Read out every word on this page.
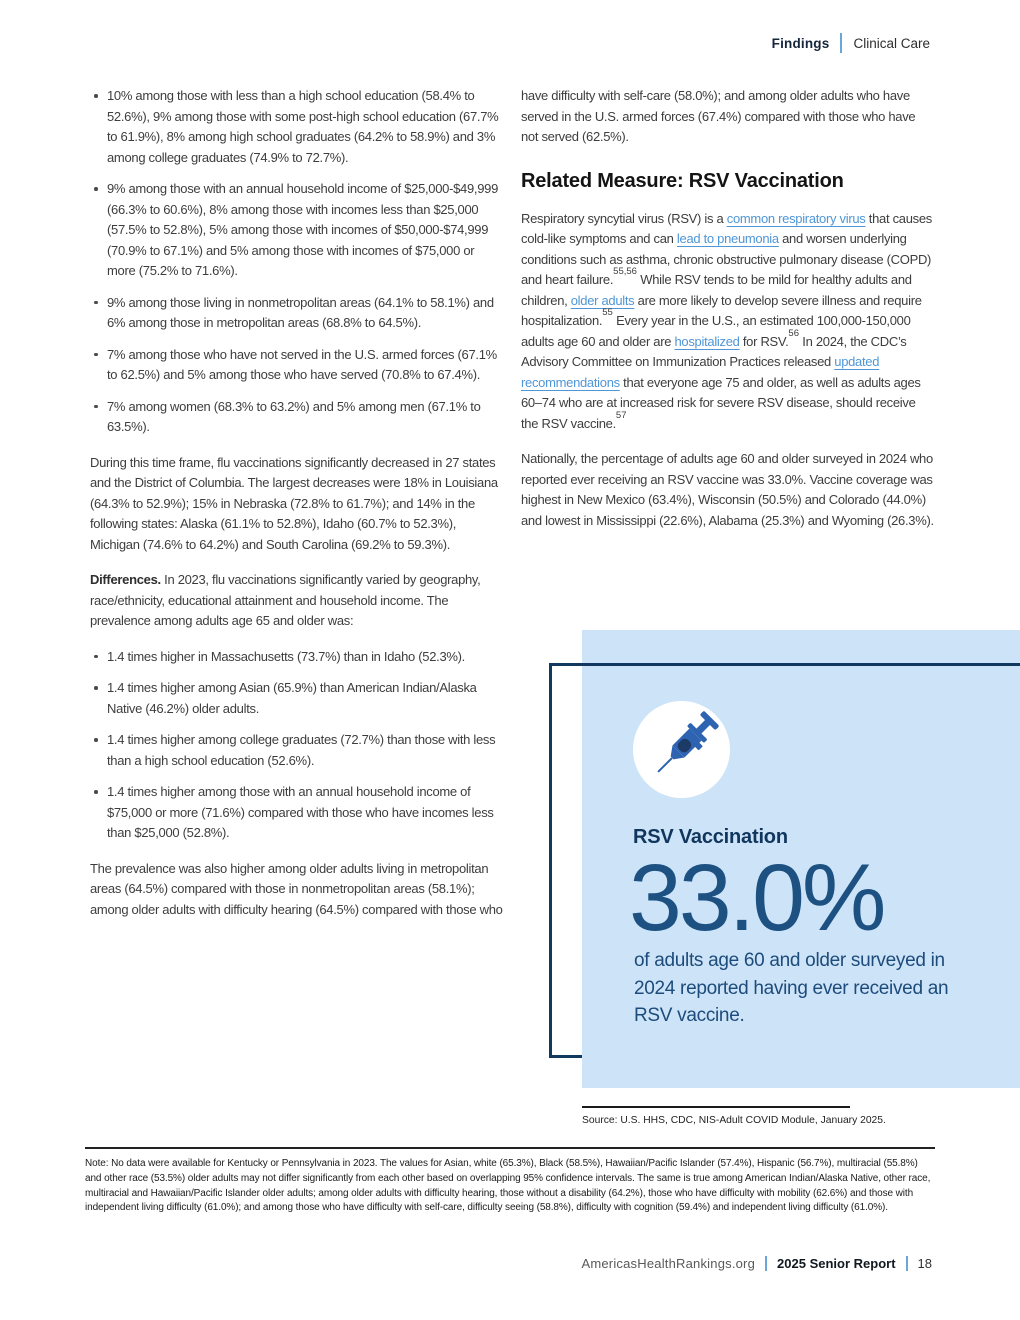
Findings Clinical Care
10% among those with less than a high school education (58.4% to 52.6%), 9% among those with some post-high school education (67.7% to 61.9%), 8% among high school graduates (64.2% to 58.9%) and 3% among college graduates (74.9% to 72.7%).
9% among those with an annual household income of $25,000-$49,999 (66.3% to 60.6%), 8% among those with incomes less than $25,000 (57.5% to 52.8%), 5% among those with incomes of $50,000-$74,999 (70.9% to 67.1%) and 5% among those with incomes of $75,000 or more (75.2% to 71.6%).
9% among those living in nonmetropolitan areas (64.1% to 58.1%) and 6% among those in metropolitan areas (68.8% to 64.5%).
7% among those who have not served in the U.S. armed forces (67.1% to 62.5%) and 5% among those who have served (70.8% to 67.4%).
7% among women (68.3% to 63.2%) and 5% among men (67.1% to 63.5%).

During this time frame, flu vaccinations significantly decreased in 27 states and the District of Columbia. The largest decreases were 18% in Louisiana (64.3% to 52.9%); 15% in Nebraska (72.8% to 61.7%); and 14% in the following states: Alaska (61.1% to 52.8%), Idaho (60.7% to 52.3%), Michigan (74.6% to 64.2%) and South Carolina (69.2% to 59.3%).

Differences. In 2023, flu vaccinations significantly varied by geography, race/ethnicity, educational attainment and household income. The prevalence among adults age 65 and older was:

1.4 times higher in Massachusetts (73.7%) than in Idaho (52.3%).
1.4 times higher among Asian (65.9%) than American Indian/Alaska Native (46.2%) older adults.
1.4 times higher among college graduates (72.7%) than those with less than a high school education (52.6%).
1.4 times higher among those with an annual household income of $75,000 or more (71.6%) compared with those who have incomes less than $25,000 (52.8%).

The prevalence was also higher among older adults living in metropolitan areas (64.5%) compared with those in nonmetropolitan areas (58.1%); among older adults with difficulty hearing (64.5%) compared with those who

have difficulty with self-care (58.0%); and among older adults who have served in the U.S. armed forces (67.4%) compared with those who have not served (62.5%).

Related Measure: RSV Vaccination

Respiratory syncytial virus (RSV) is a common respiratory virus that causes cold-like symptoms and can lead to pneumonia and worsen underlying conditions such as asthma, chronic obstructive pulmonary disease (COPD) and heart failure.$^{55,56}$ While RSV tends to be mild for healthy adults and children, older adults are more likely to develop severe illness and require hospitalization.$^{55}$ Every year in the U.S., an estimated 100,000-150,000 adults age 60 and older are hospitalized for RSV.$^{56}$ In 2024, the CDC’s Advisory Committee on Immunization Practices released updated recommendations that everyone age 75 and older, as well as adults ages 60–74 who are at increased risk for severe RSV disease, should receive the RSV vaccine.$^{57}$

Nationally, the percentage of adults age 60 and older surveyed in 2024 who reported ever receiving an RSV vaccine was 33.0%. Vaccine coverage was highest in New Mexico (63.4%), Wisconsin (50.5%) and Colorado (44.0%) and lowest in Mississippi (22.6%), Alabama (25.3%) and Wyoming (26.3%).

RSV Vaccination
33.0%
of adults age 60 and older surveyed in 2024 reported having ever received an RSV vaccine.
Source: U.S. HHS, CDC, NIS-Adult COVID Module, January 2025.
Note: No data were available for Kentucky or Pennsylvania in 2023. The values for Asian, white (65.3%), Black (58.5%), Hawaiian/Pacific Islander (57.4%), Hispanic (56.7%), multiracial (55.8%) and other race (53.5%) older adults may not differ significantly from each other based on overlapping 95% confidence intervals. The same is true among American Indian/Alaska Native, other race, multiracial and Hawaiian/Pacific Islander older adults; among older adults with difficulty hearing, those without a disability (64.2%), those who have difficulty with mobility (62.6%) and those with independent living difficulty (61.0%); and among those who have difficulty with self-care, difficulty seeing (58.8%), difficulty with cognition (59.4%) and independent living difficulty (61.0%).
AmericasHealthRankings.org 2025 Senior Report 18
